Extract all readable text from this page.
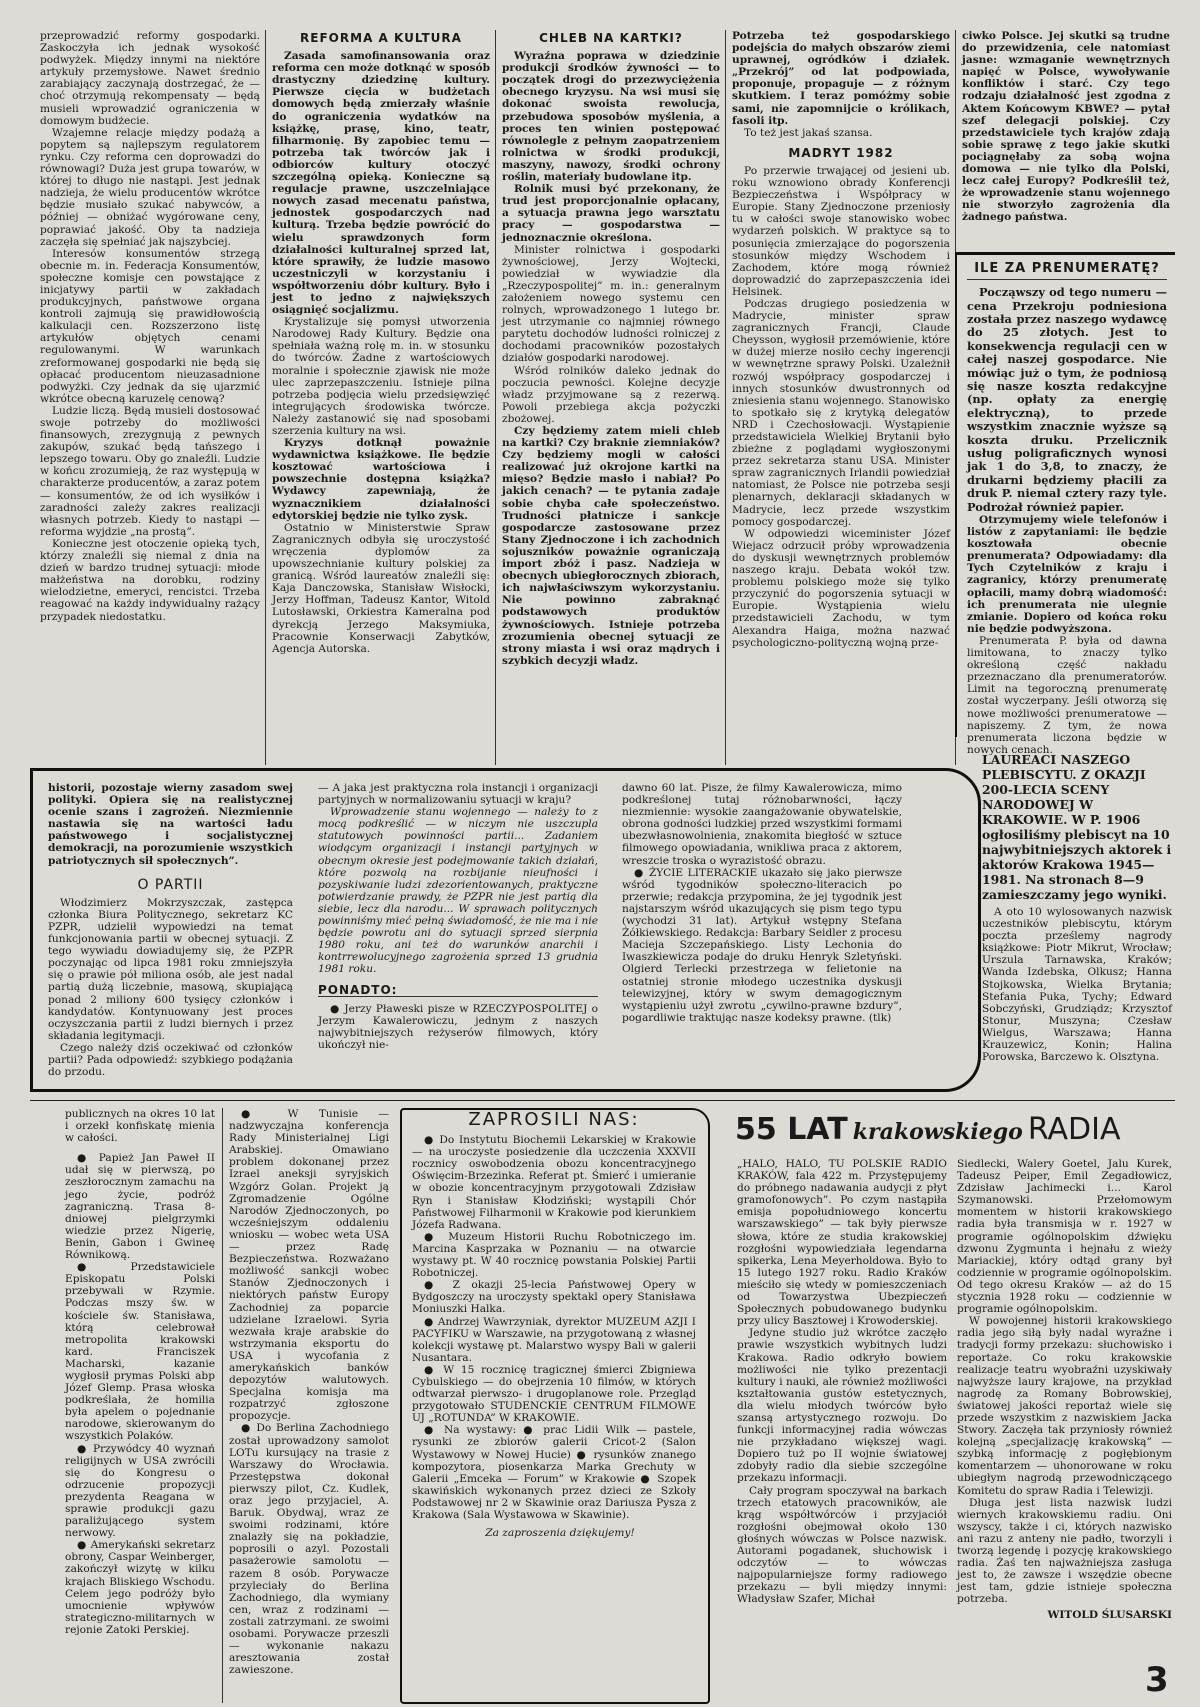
przeprowadzić reformy gospodarki. Zaskoczyła ich jednak wysokość podwyżek. Między innymi na niektóre artykuły przemysłowe. Nawet średnio zarabiający zaczynają dostrzegać, że — choć otrzymują rekompensaty — będą musieli wprowadzić ograniczenia w domowym budżecie.

Wzajemne relacje między podażą a popytem są najlepszym regulatorem rynku. Czy reforma cen doprowadzi do równowagi? Duża jest grupa towarów, w której to długo nie nastąpi. Jest jednak nadzieja, że wielu producentów wkrótce będzie musiało szukać nabywców, a później — obniżać wygórowane ceny, poprawiać jakość. Oby ta nadzieja zaczęła się spełniać jak najszybciej.

Interesów konsumentów strzegą obecnie m. in. Federacja Konsumentów, społeczne komisje cen powstające z inicjatywy partii w zakładach produkcyjnych, państwowe organa kontroli zajmują się prawidłowością kalkulacji cen. Rozszerzono listę artykułów objętych cenami regulowanymi. W warunkach zreformowanej gospodarki nie będą się opłacać producentom nieuzasadnione podwyżki. Czy jednak da się ujarzmić wkrótce obecną karuzelę cenową?

Ludzie liczą. Będą musieli dostosować swoje potrzeby do możliwości finansowych, zrezygnują z pewnych zakupów, szukać będą tańszego i lepszego towaru. Oby go znaleźli. Ludzie w końcu zrozumieją, że raz występują w charakterze producentów, a zaraz potem — konsumentów, że od ich wysiłków i zaradności zależy zakres realizacji własnych potrzeb. Kiedy to nastąpi — reforma wyjdzie „na prostą”.

Konieczne jest otoczenie opieką tych, którzy znaleźli się niemal z dnia na dzień w bardzo trudnej sytuacji: młode małżeństwa na dorobku, rodziny wielodzietne, emeryci, rencistci. Trzeba reagować na każdy indywidualny rażący przypadek niedostatku.

REFORMA A KULTURA

Zasada samofinansowania oraz reforma cen może dotknąć w sposób drastyczny dziedzinę kultury. Pierwsze cięcia w budżetach domowych będą zmierzały właśnie do ograniczenia wydatków na książkę, prasę, kino, teatr, filharmonię. By zapobiec temu — potrzeba tak twórców jak i odbiorców kultury otoczyć szczególną opieką. Konieczne są regulacje prawne, uszczelniające nowych zasad mecenatu państwa, jednostek gospodarczych nad kulturą. Trzeba będzie powrócić do wielu sprawdzonych form działalności kulturalnej sprzed lat, które sprawiły, że ludzie masowo uczestniczyli w korzystaniu i współtworzeniu dóbr kultury. Było i jest to jedno z największych osiągnięć socjalizmu.

Krystalizuje się pomysł utworzenia Narodowej Rady Kultury. Będzie ona spełniała ważną rolę m. in. w stosunku do twórców. Żadne z wartościowych moralnie i społecznie zjawisk nie może ulec zaprzepaszczeniu. Istnieje pilna potrzeba podjęcia wielu przedsięwzięć integrujących środowiska twórcze. Należy zastanowić się nad sposobami szerzenia kultury na wsi.

Kryzys dotknął poważnie wydawnictwa książkowe. Ile będzie kosztować wartościowa i powszechnie dostępna książka? Wydawcy zapewniają, że wyznacznikiem działalności edytorskiej będzie nie tylko zysk.

Ostatnio w Ministerstwie Spraw Zagranicznych odbyła się uroczystość wręczenia dyplomów za upowszechnianie kultury polskiej za granicą. Wśród laureatów znaleźli się: Kaja Danczowska, Stanisław Wisłocki, Jerzy Hoffman, Tadeusz Kantor, Witold Lutosławski, Orkiestra Kameralna pod dyrekcją Jerzego Maksymiuka, Pracownie Konserwacji Zabytków, Agencja Autorska.

CHLEB NA KARTKI?

Wyraźna poprawa w dziedzinie produkcji środków żywności — to początek drogi do przezwyciężenia obecnego kryzysu. Na wsi musi się dokonać swoista rewolucja, przebudowa sposobów myślenia, a proces ten winien postępować równolegle z pełnym zaopatrzeniem rolnictwa w środki produkcji, maszyny, nawozy, środki ochrony roślin, materiały budowlane itp.

Rolnik musi być przekonany, że trud jest proporcjonalnie opłacany, a sytuacja prawna jego warsztatu pracy — gospodarstwa — jednoznacznie określona.

Minister rolnictwa i gospodarki żywnościowej, Jerzy Wojtecki, powiedział w wywiadzie dla „Rzeczypospolitej” m. in.: generalnym założeniem nowego systemu cen rolnych, wprowadzonego 1 lutego br. jest utrzymanie co najmniej równego parytetu dochodów ludności rolniczej z dochodami pracowników pozostałych działów gospodarki narodowej.

Wśród rolników daleko jednak do poczucia pewności. Kolejne decyzje władz przyjmowane są z rezerwą. Powoli przebiega akcja pożyczki zbożowej.

Czy będziemy zatem mieli chleb na kartki? Czy braknie ziemniaków? Czy będziemy mogli w całości realizować już okrojone kartki na mięso? Będzie masło i nabiał? Po jakich cenach? — te pytania zadaje sobie chyba całe społeczeństwo. Trudności płatnicze i sankcje gospodarcze zastosowane przez Stany Zjednoczone i ich zachodnich sojuszników poważnie ograniczają import zbóż i pasz. Nadzieja w obecnych ubiegłorocznych zbiorach, ich najwłaściwszym wykorzystaniu. Nie powinno zabraknąć podstawowych produktów żywnościowych. Istnieje potrzeba zrozumienia obecnej sytuacji ze strony miasta i wsi oraz mądrych i szybkich decyzji władz.

Potrzeba też gospodarskiego podejścia do małych obszarów ziemi uprawnej, ogródków i działek. „Przekrój” od lat podpowiada, proponuje, propaguje — z różnym skutkiem. I teraz pomóżmy sobie sami, nie zapomnijcie o królikach, fasoli itp.

To też jest jakaś szansa.

MADRYT 1982

Po przerwie trwającej od jesieni ub. roku wznowiono obrady Konferencji Bezpieczeństwa i Współpracy w Europie. Stany Zjednoczone przeniosły tu w całości swoje stanowisko wobec wydarzeń polskich. W praktyce są to posunięcia zmierzające do pogorszenia stosunków między Wschodem i Zachodem, które mogą również doprowadzić do zaprzepaszczenia idei Helsinek.

Podczas drugiego posiedzenia w Madrycie, minister spraw zagranicznych Francji, Claude Cheysson, wygłosił przemówienie, które w dużej mierze nosiło cechy ingerencji w wewnętrzne sprawy Polski. Uzależnił rozwój współpracy gospodarczej i innych stosunków dwustronnych od zniesienia stanu wojennego. Stanowisko to spotkało się z krytyką delegatów NRD i Czechosłowacji. Wystąpienie przedstawiciela Wielkiej Brytanii było zbieżne z poglądami wygłoszonymi przez sekretarza stanu USA. Minister spraw zagranicznych Irlandii powiedział natomiast, że Polsce nie potrzeba sesji plenarnych, deklaracji składanych w Madrycie, lecz przede wszystkim pomocy gospodarczej.

W odpowiedzi wiceminister Józef Wiejacz odrzucił próby wprowadzenia do dyskusji wewnętrznych problemów naszego kraju. Debata wokół tzw. problemu polskiego może się tylko przyczynić do pogorszenia sytuacji w Europie. Wystąpienia wielu przedstawicieli Zachodu, w tym Alexandra Haiga, można nazwać psychologiczno-polityczną wojną prze-

ciwko Polsce. Jej skutki są trudne do przewidzenia, cele natomiast jasne: wzmaganie wewnętrznych napięć w Polsce, wywoływanie konfliktów i starć. Czy tego rodzaju działalność jest zgodna z Aktem Końcowym KBWE? — pytał szef delegacji polskiej. Czy przedstawiciele tych krajów zdają sobie sprawę z tego jakie skutki pociągnęłaby za sobą wojna domowa — nie tylko dla Polski, lecz całej Europy? Podkreślił też, że wprowadzenie stanu wojennego nie stworzyło zagrożenia dla żadnego państwa.

ILE ZA PRENUMERATĘ?

Począwszy od tego numeru — cena Przekroju podniesiona została przez naszego wydawcę do 25 złotych. Jest to konsekwencja regulacji cen w całej naszej gospodarce. Nie mówiąc już o tym, że podniosą się nasze koszta redakcyjne (np. opłaty za energię elektryczną), to przede wszystkim znacznie wyższe są koszta druku. Przelicznik usług poligraficznych wynosi jak 1 do 3,8, to znaczy, że drukarni będziemy płacili za druk P. niemal cztery razy tyle. Podrożał również papier.

Otrzymujemy wiele telefonów i listów z zapytaniami: ile będzie kosztowała obecnie prenumerata? Odpowiadamy: dla Tych Czytelników z kraju i zagranicy, którzy prenumeratę opłacili, mamy dobrą wiadomość: ich prenumerata nie ulegnie zmianie. Dopiero od końca roku nie będzie podwyższona.

Prenumerata P. była od dawna limitowana, to znaczy tylko określoną część nakładu przeznaczano dla prenumeratorów. Limit na tegoroczną prenumeratę został wyczerpany. Jeśli otworzą się nowe możliwości prenumeratowe — napiszemy. Z tym, że nowa prenumerata liczona będzie w nowych cenach.

historii, pozostaje wierny zasadom swej polityki. Opiera się na realistycznej ocenie szans i zagrożeń. Niezmiennie nastawia się na wartości ładu państwowego i socjalistycznej demokracji, na porozumienie wszystkich patriotycznych sił społecznych”.

O PARTII

Włodzimierz Mokrzyszczak, zastępca członka Biura Politycznego, sekretarz KC PZPR, udzielił wypowiedzi na temat funkcjonowania partii w obecnej sytuacji. Z tego wywiadu dowiadujemy się, że PZPR poczynając od lipca 1981 roku zmniejszyła się o prawie pół miliona osób, ale jest nadal partią dużą liczebnie, masową, skupiającą ponad 2 miliony 600 tysięcy członków i kandydatów. Kontynuowany jest proces oczyszczania partii z ludzi biernych i przez składania legitymacji.

Czego należy dziś oczekiwać od członków partii? Pada odpowiedź: szybkiego podążania do przodu.

— A jaka jest praktyczna rola instancji i organizacji partyjnych w normalizowaniu sytuacji w kraju?

Wprowadzenie stanu wojennego — należy to z mocą podkreślić — w niczym nie uszczupla statutowych powinności partii... Zadaniem wiodącym organizacji i instancji partyjnych w obecnym okresie jest podejmowanie takich działań, które pozwolą na rozbijanie nieufności i pozyskiwanie ludzi zdezorientowanych, praktyczne potwierdzanie prawdy, że PZPR nie jest partią dla siebie, lecz dla narodu... W sprawach politycznych powinniśmy mieć pełną świadomość, że nie ma i nie będzie powrotu ani do sytuacji sprzed sierpnia 1980 roku, ani też do warunków anarchii i kontrrewolucyjnego zagrożenia sprzed 13 grudnia 1981 roku.

PONADTO:

● Jerzy Pławeski pisze w RZECZYPOSPOLITEJ o Jerzym Kawalerowiczu, jednym z naszych najwybitniejszych reżyserów filmowych, który ukończył nie-

dawno 60 lat. Pisze, że filmy Kawalerowicza, mimo podkreślonej tutaj różnobarwności, łączy niezmiennie: wysokie zaangażowanie obywatelskie, obrona godności ludzkiej przed wszystkimi formami ubezwłasnowolnienia, znakomita biegłość w sztuce filmowego opowiadania, wnikliwa praca z aktorem, wreszcie troska o wyrazistość obrazu.

● ŻYCIE LITERACKIE ukazało się jako pierwsze wśród tygodników społeczno-literacich po przerwie; redakcja przypomina, że jej tygodnik jest najstarszym wśród ukazujących się pism tego typu (wychodzi 31 lat). Artykuł wstępny Stefana Żółkiewskiego. Redakcja: Barbary Seidler z procesu Macieja Szczepańskiego. Listy Lechonia do Iwaszkiewicza podaje do druku Henryk Szletyński. Olgierd Terlecki przestrzega w felietonie na ostatniej stronie młodego uczestnika dyskusji telewizyjnej, który w swym demagogicznym wystąpieniu użył zwrotu „cywilno-prawne bzdury”, pogardliwie traktując nasze kodeksy prawne. (tlk)

LAUREACI NASZEGO PLEBISCYTU. Z OKAZJI 200-LECIA SCENY NARODOWEJ W KRAKOWIE. W P. 1906 ogłosiliśmy plebiscyt na 10 najwybitniejszych aktorek i aktorów Krakowa 1945—1981. Na stronach 8—9 zamieszczamy jego wyniki.

A oto 10 wylosowanych nazwisk uczestników plebiscytu, którym poczta prześlemy nagrody książkowe: Piotr Mikrut, Wrocław; Urszula Tarnawska, Kraków; Wanda Izdebska, Olkusz; Hanna Stojkowska, Wielka Brytania; Stefania Puka, Tychy; Edward Sobczyński, Grudziądz; Krzysztof Stonur, Muszyna; Czesław Wielgus, Warszawa; Hanna Krauzewicz, Konin; Halina Porowska, Barczewo k. Olsztyna.

publicznych na okres 10 lat i orzekł konfiskatę mienia w całości.

● Papież Jan Paweł II udał się w pierwszą, po zeszłorocznym zamachu na jego życie, podróż zagraniczną. Trasa 8-dniowej pielgrzymki wiedzie przez Nigerię, Benin, Gabon i Gwineę Równikową.

● Przedstawiciele Episkopatu Polski przebywali w Rzymie. Podczas mszy św. w kościele św. Stanisława, którą celebrował metropolita krakowski kard. Franciszek Macharski, kazanie wygłosił prymas Polski abp Józef Glemp. Prasa włoska podkreślała, że homilia była apelem o pojednanie narodowe, skierowanym do wszystkich Polaków.

● Przywódcy 40 wyznań religijnych w USA zwrócili się do Kongresu o odrzucenie propozycji prezydenta Reagana w sprawie produkcji gazu paraliżującego system nerwowy.

● Amerykański sekretarz obrony, Caspar Weinberger, zakończył wizytę w kilku krajach Bliskiego Wschodu. Celem jego podróży było umocnienie wpływów strategiczno-militarnych w rejonie Zatoki Perskiej.

● W Tunisie — nadzwyczajna konferencja Rady Ministerialnej Ligi Arabskiej. Omawiano problem dokonanej przez Izrael aneksji syryjskich Wzgórz Golan. Projekt ją Zgromadzenie Ogólne Narodów Zjednoczonych, po wcześniejszym oddaleniu wniosku — wobec weta USA — przez Radę Bezpieczeństwa. Rozważano możliwość sankcji wobec Stanów Zjednoczonych i niektórych państw Europy Zachodniej za poparcie udzielane Izraelowi. Syria wezwała kraje arabskie do wstrzymania eksportu do USA i wycofania z amerykańskich banków depozytów walutowych. Specjalna komisja ma rozpatrzyć zgłoszone propozycje.

● Do Berlina Zachodniego został uprowadzony samolot LOTu kursujący na trasie z Warszawy do Wrocławia. Przestępstwa dokonał pierwszy pilot, Cz. Kudlek, oraz jego przyjaciel, A. Baruk. Obydwaj, wraz ze swoimi rodzinami, które znalazły się na pokładzie, poprosili o azyl. Pozostali pasażerowie samolotu — razem 8 osób. Porywacze przyleciały do Berlina Zachodniego, dla wymiany cen, wraz z rodzinami — zostali zatrzymani. ze swoimi osobami. Porywacze przeszli — wykonanie nakazu aresztowania został zawieszone.

ZAPROSILI NAS:

● Do Instytutu Biochemii Lekarskiej w Krakowie — na uroczyste posiedzenie dla uczczenia XXXVII rocznicy oswobodzenia obozu koncentracyjnego Oświęcim-Brzezinka. Referat pt. Śmierć i umieranie w obozie koncentracyjnym przygotowali Zdzisław Ryn i Stanisław Kłodziński; wystąpili Chór Państwowej Filharmonii w Krakowie pod kierunkiem Józefa Radwana.

● Muzeum Historii Ruchu Robotniczego im. Marcina Kasprzaka w Poznaniu — na otwarcie wystawy pt. W 40 rocznicę powstania Polskiej Partii Robotniczej.

● Z okazji 25-lecia Państwowej Opery w Bydgoszczy na uroczysty spektakl opery Stanisława Moniuszki Halka.

● Andrzej Wawrzyniak, dyrektor MUZEUM AZJI I PACYFIKU w Warszawie, na przygotowaną z własnej kolekcji wystawę pt. Malarstwo wyspy Bali w galerii Nusantara.

● W 15 rocznicę tragicznej śmierci Zbigniewa Cybulskiego — do obejrzenia 10 filmów, w których odtwarzał pierwszo- i drugoplanowe role. Przegląd przygotowało STUDENCKIE CENTRUM FILMOWE UJ „ROTUNDA” W KRAKOWIE.

● Na wystawy: ● prac Lidii Wilk — pastele, rysunki ze zbiorów galerii Cricot-2 (Salon Wystawowy w Nowej Hucie) ● rysunków znanego kompozytora, piosenkarza Marka Grechuty w Galerii „Emceka — Forum” w Krakowie ● Szopek skawińskich wykonanych przez dzieci ze Szkoły Podstawowej nr 2 w Skawinie oraz Dariusza Pysza z Krakowa (Sala Wystawowa w Skawinie).

Za zaproszenia dziękujemy!

55 LAT krakowskiego RADIA

„HALO, HALO, TU POLSKIE RADIO KRAKÓW, fala 422 m. Przystępujemy do próbnego nadawania audycji z płyt gramofonowych”. Po czym nastąpiła emisja popołudniowego koncertu warszawskiego” — tak były pierwsze słowa, które ze studia krakowskiej rozgłośni wypowiedziała legendarna spikerka, Lena Meyerholdowa. Było to 15 lutego 1927 roku. Radio Kraków mieściło się wtedy w pomieszczeniach od Towarzystwa Ubezpieczeń Społecznych pobudowanego budynku przy ulicy Basztowej i Krowoderskiej.

Jedyne studio już wkrótce zaczęło prawie wszystkich wybitnych ludzi Krakowa. Radio odkryło bowiem możliwości nie tylko prezentacji kultury i nauki, ale również możliwości kształtowania gustów estetycznych, dla wielu młodych twórców było szansą artystycznego rozwoju. Do funkcji informacyjnej radia wówczas nie przykładano większej wagi. Dopiero tuż po II wojnie światowej zdobyły radio dla siebie szczególne przekazu informacji.

Cały program spoczywał na barkach trzech etatowych pracowników, ale krąg współtwórców i przyjaciół rozgłośni obejmował około 130 głośnych wówczas w Polsce nazwisk. Autorami pogadanek, słuchowisk i odczytów — to wówczas najpopularniejsze formy radiowego przekazu — byli między innymi: Władysław Szafer, Michał

Siedlecki, Walery Goetel, Jalu Kurek, Tadeusz Peiper, Emil Zegadłowicz, Zdzisław Jachimecki i... Karol Szymanowski. Przełomowym momentem w historii krakowskiego radia była transmisja w r. 1927 w programie ogólnopolskim dźwięku dzwonu Zygmunta i hejnału z wieży Mariackiej, który odtąd grany był codziennie w programie ogólnopolskim. Od tego okresu Kraków — aż do 15 stycznia 1928 roku — codziennie w programie ogólnopolskim.

W powojennej historii krakowskiego radia jego siłą były nadal wyraźne i tradycji formy przekazu: słuchowisko i reportaże. Co roku krakowskie realizacje teatru wyobraźni uzyskiwały najwyższe laury krajowe, na przykład nagrodę za Romany Bobrowskiej, światowej jakości reportaż wiele się przede wszystkim z nazwiskiem Jacka Stwory. Zaczęła tak przyniosły również kolejną „specjalizację krakowską” — szybką informację z pogłębionym komentarzem — uhonorowane w roku ubiegłym nagrodą przewodniczącego Komitetu do spraw Radia i Telewizji.

Długa jest lista nazwisk ludzi wiernych krakowskiemu radiu. Oni wszyscy, także i ci, których nazwisko ani razu z anteny nie padło, tworzyli i tworzą legendę i pozycję krakowskiego radia. Żaś ten najważniejsza zasługa jest to, że zawsze i wszędzie obecne jest tam, gdzie istnieje społeczna potrzeba.

WITOLD ŚLUSARSKI

3
